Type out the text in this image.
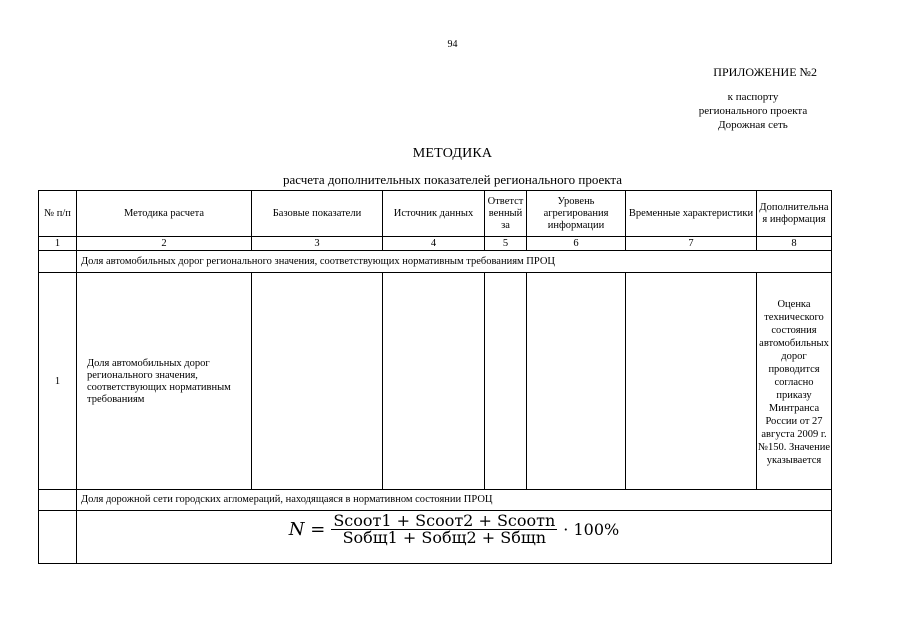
94
ПРИЛОЖЕНИЕ №2
к паспорту
регионального проекта
Дорожная сеть
МЕТОДИКА
расчета дополнительных показателей регионального проекта
№ п/п	Методика расчета	Базовые показатели	Источник данных	Ответственный за	Уровень агрегирования информации	Временные характеристики	Дополнительная информация
1	2	3	4	5	6	7	8
	Доля автомобильных дорог регионального значения, соответствующих нормативным требованиям ПРОЦ						
1	Доля автомобильных дорог регионального значения, соответствующих нормативным требованиям						Оценка технического состояния автомобильных дорог проводится согласно приказу Минтранса России от 27 августа 2009 г. №150. Значение указывается
	Доля дорожной сети городских агломераций, находящаяся в нормативном состоянии ПРОЦ						

	$N = \frac{\text{Sсоот1 + Sсоот2 + Sсоотn}}{\text{Sобщ1 + Sобщ2 + Sбщn}} \cdot 100\%$						
